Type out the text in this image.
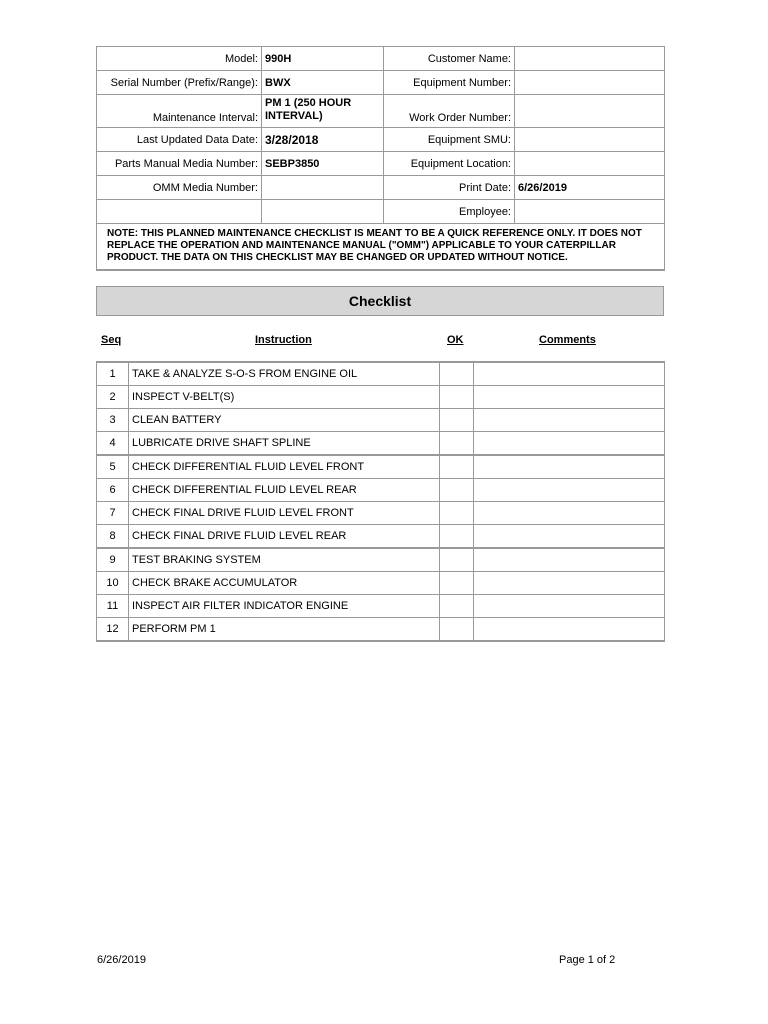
Model:	990H	Customer Name:	
Serial Number (Prefix/Range):	BWX	Equipment Number:	
Maintenance Interval:	PM 1 (250 HOUR INTERVAL)	Work Order Number:	
Last Updated Data Date:	3/28/2018	Equipment SMU:	
Parts Manual Media Number:	SEBP3850	Equipment Location:	
OMM Media Number:		Print Date:	6/26/2019
		Employee:	
NOTE: THIS PLANNED MAINTENANCE CHECKLIST IS MEANT TO BE A QUICK REFERENCE ONLY. IT DOES NOT REPLACE THE OPERATION AND MAINTENANCE MANUAL ("OMM") APPLICABLE TO YOUR CATERPILLAR PRODUCT. THE DATA ON THIS CHECKLIST MAY BE CHANGED OR UPDATED WITHOUT NOTICE.			
Checklist
Seq	Instruction	OK	Comments
1	TAKE & ANALYZE S-O-S FROM ENGINE OIL		
2	INSPECT V-BELT(S)		
3	CLEAN BATTERY		
4	LUBRICATE DRIVE SHAFT SPLINE		
5	CHECK DIFFERENTIAL FLUID LEVEL FRONT		
6	CHECK DIFFERENTIAL FLUID LEVEL REAR		
7	CHECK FINAL DRIVE FLUID LEVEL FRONT		
8	CHECK FINAL DRIVE FLUID LEVEL REAR		
9	TEST BRAKING SYSTEM		
10	CHECK BRAKE ACCUMULATOR		
11	INSPECT AIR FILTER INDICATOR ENGINE		
12	PERFORM PM 1		
6/26/2019	Page 1 of 2
